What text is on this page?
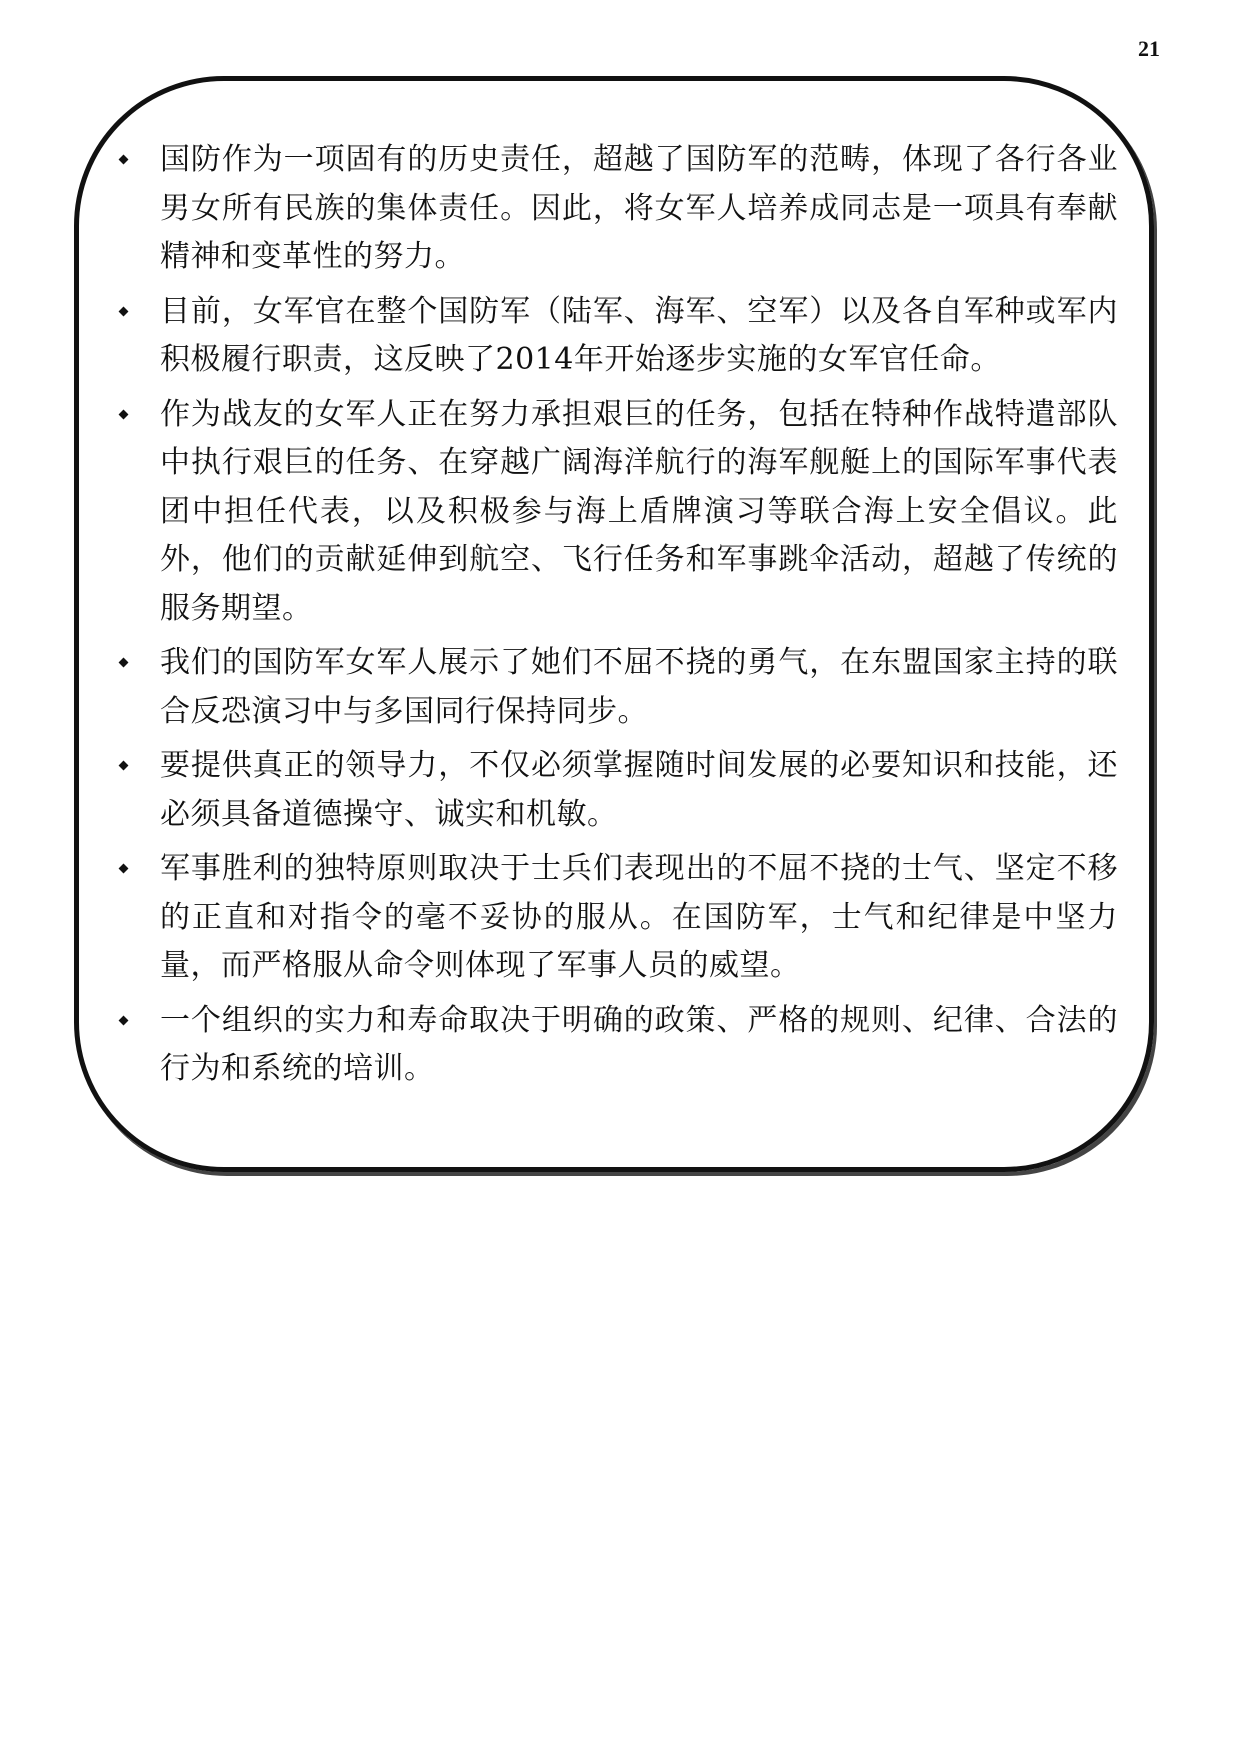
21
国防作为一项固有的历史责任，超越了国防军的范畴，体现了各行各业男女所有民族的集体责任。因此，将女军人培养成同志是一项具有奉献精神和变革性的努力。
目前，女军官在整个国防军（陆军、海军、空军）以及各自军种或军内积极履行职责，这反映了2014年开始逐步实施的女军官任命。
作为战友的女军人正在努力承担艰巨的任务，包括在特种作战特遣部队中执行艰巨的任务、在穿越广阔海洋航行的海军舰艇上的国际军事代表团中担任代表，以及积极参与海上盾牌演习等联合海上安全倡议。此外，他们的贡献延伸到航空、飞行任务和军事跳伞活动，超越了传统的服务期望。
我们的国防军女军人展示了她们不屈不挠的勇气，在东盟国家主持的联合反恐演习中与多国同行保持同步。
要提供真正的领导力，不仅必须掌握随时间发展的必要知识和技能，还必须具备道德操守、诚实和机敏。
军事胜利的独特原则取决于士兵们表现出的不屈不挠的士气、坚定不移的正直和对指令的毫不妥协的服从。在国防军，士气和纪律是中坚力量，而严格服从命令则体现了军事人员的威望。
一个组织的实力和寿命取决于明确的政策、严格的规则、纪律、合法的行为和系统的培训。
